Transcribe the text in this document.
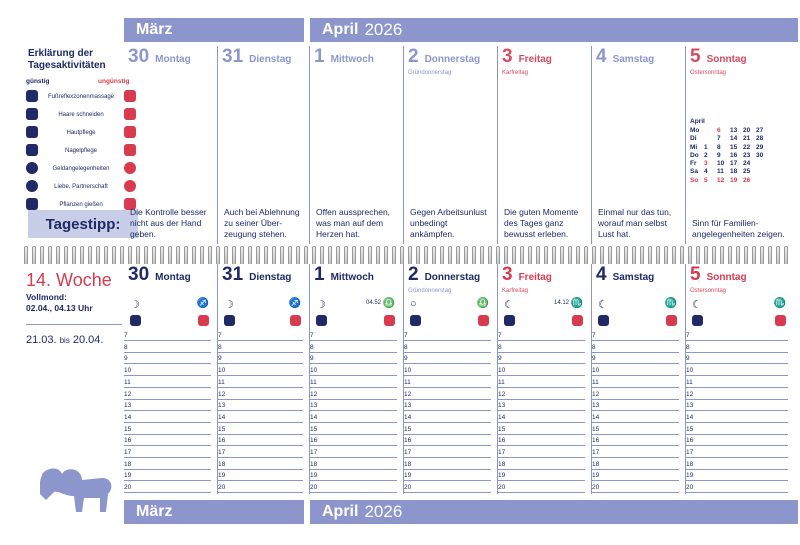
März	April 2026
Erklärung der Tagesaktivitäten
günstig	ungünstig
Fußreflexzonenmassage
Haare schneiden
Hautpflege
Nagelpflege
Geldangelegenheiten
Liebe, Partnerschaft
Pflanzen gießen
Tagestipp:
30 Montag
Die Kontrolle besser nicht aus der Hand geben.
31 Dienstag
Auch bei Ablehnung zu seiner Über- zeugung stehen.
1 Mittwoch
Offen aussprechen, was man auf dem Herzen hat.
2 Donnerstag
Gründonnerstag
Gegen Arbeitsunlust unbedingt ankämpfen.
3 Freitag
Karfreitag
Die guten Momente des Tages ganz bewusst erleben.
4 Samstag
Einmal nur das tun, worauf man selbst Lust hat.
5 Sonntag
Ostersonntag
April
Mo	6	13 20 27
Di	7	14 21 28
Mi	1	8	15 22 29
Do 2	9	16 23 30
Fr	3	10 17 24
Sa 4	11 18 25
So 5	12 19 26
Sinn für Familien- angelegenheiten zeigen.
14. Woche
Vollmond:
02.04., 04.13 Uhr
21.03. bis 20.04.
März	April 2026
30 Montag
☽	♐
7
8
9
10
11
12
13
14
15
16
17
18
19
20
31 Dienstag
☽	♐
7
8
9
10
11
12
13
14
15
16
17
18
19
20
1 Mittwoch
☽	♎
04.52
7
8
9
10
11
12
13
14
15
16
17
18
19
20
2 Donnerstag
Gründonnerstag
○	♎
7
8
9
10
11
12
13
14
15
16
17
18
19
20
3 Freitag
Karfreitag
☾	♏
14.12
7
8
9
10
11
12
13
14
15
16
17
18
19
20
4 Samstag
☾	♏
7
8
9
10
11
12
13
14
15
16
17
18
19
20
5 Sonntag
Ostersonntag
☾	♏
7
8
9
10
11
12
13
14
15
16
17
18
19
20
